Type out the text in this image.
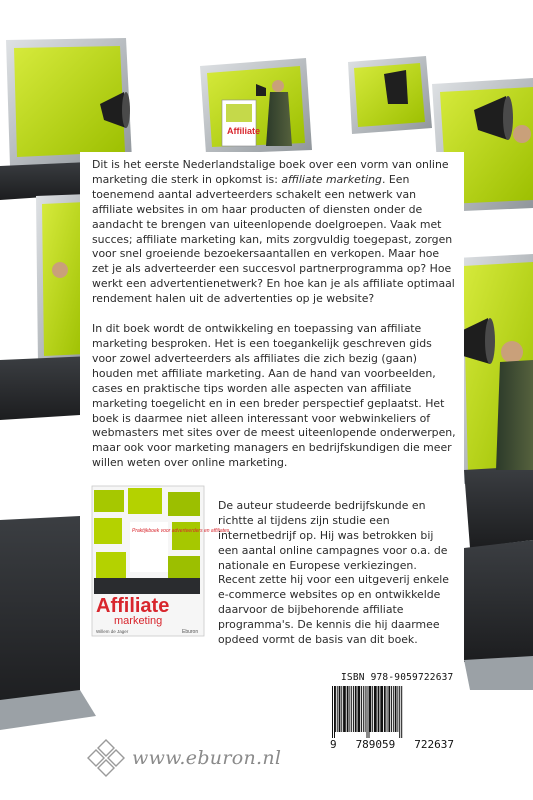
Affiliate

Dit is het eerste Nederlandstalige boek over een vorm van online marketing die sterk in opkomst is: affiliate marketing. Een toenemend aantal adverteerders schakelt een netwerk van affiliate websites in om haar producten of diensten onder de aandacht te brengen van uiteenlopende doelgroepen. Vaak met succes; affiliate marketing kan, mits zorgvuldig toegepast, zorgen voor snel groeiende bezoekersaantallen en verkopen. Maar hoe zet je als adverteerder een succesvol partnerprogramma op? Hoe werkt een advertentienetwerk? En hoe kan je als affiliate optimaal rendement halen uit de advertenties op je website?

In dit boek wordt de ontwikkeling en toepassing van affiliate marketing besproken. Het is een toegankelijk geschreven gids voor zowel adverteerders als affiliates die zich bezig (gaan) houden met affiliate marketing. Aan de hand van voorbeelden, cases en praktische tips worden alle aspecten van affiliate marketing toegelicht en in een breder perspectief geplaatst. Het boek is daarmee niet alleen interessant voor webwinkeliers of webmasters met sites over de meest uiteenlopende onderwerpen, maar ook voor marketing managers en bedrijfskundigen die meer willen weten over online marketing.

Praktijkboek voor adverteerders en affiliates
Affiliate
marketing
Willem de Jager	Eburon

De auteur studeerde bedrijfskunde en richtte al tijdens zijn studie een internetbedrijf op. Hij was betrokken bij een aantal online campagnes voor o.a. de nationale en Europese verkiezingen. Recent zette hij voor een uitgeverij enkele e-commerce websites op en ontwikkelde daarvoor de bijbehorende affiliate programma's. De kennis die hij daarmee opdeed vormt de basis van dit boek.

ISBN 978-9059722637
9 789059 722637
www.eburon.nl
